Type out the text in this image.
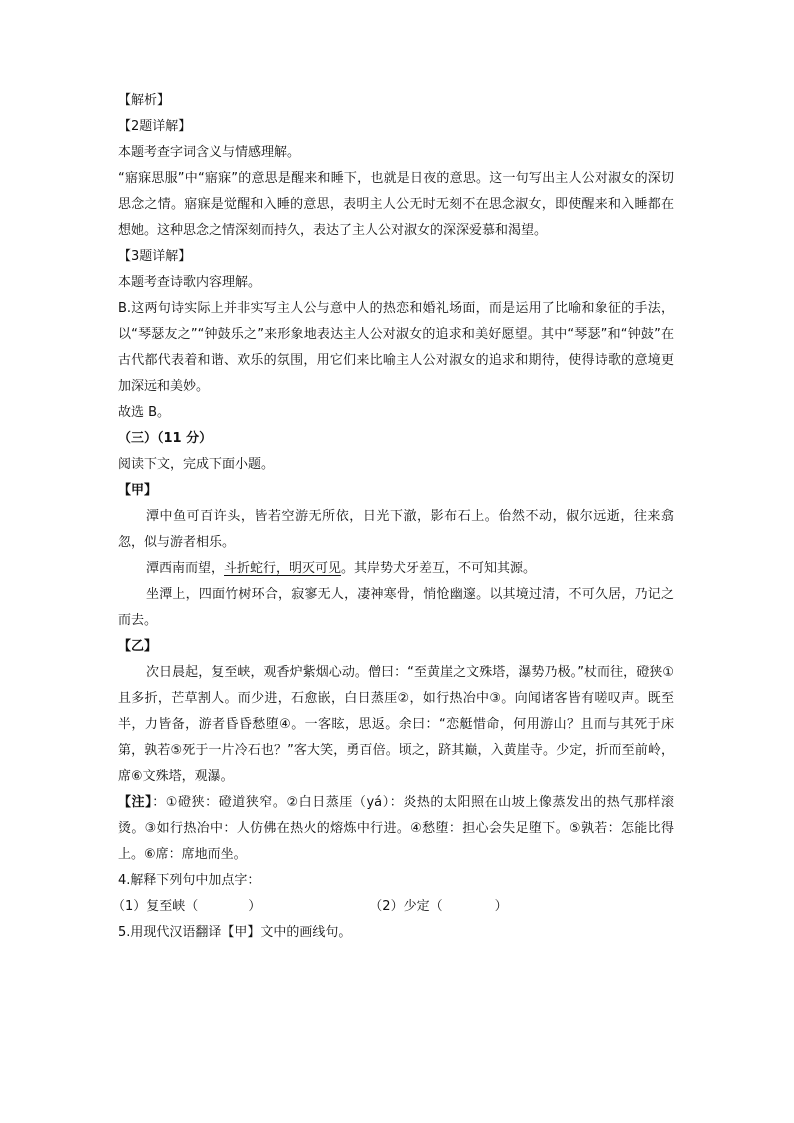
【解析】

【2题详解】

本题考查字词含义与情感理解。

“寤寐思服”中“寤寐”的意思是醒来和睡下，也就是日夜的意思。这一句写出主人公对淑女的深切思念之情。寤寐是觉醒和入睡的意思，表明主人公无时无刻不在思念淑女，即使醒来和入睡都在想她。这种思念之情深刻而持久，表达了主人公对淑女的深深爱慕和渴望。

【3题详解】

本题考查诗歌内容理解。

B.这两句诗实际上并非实写主人公与意中人的热恋和婚礼场面，而是运用了比喻和象征的手法，以“琴瑟友之”“钟鼓乐之”来形象地表达主人公对淑女的追求和美好愿望。其中“琴瑟”和“钟鼓”在古代都代表着和谐、欢乐的氛围，用它们来比喻主人公对淑女的追求和期待，使得诗歌的意境更加深远和美妙。

故选 B。

（三）（11 分）

阅读下文，完成下面小题。

【甲】

潭中鱼可百许头，皆若空游无所依，日光下澈，影布石上。佁然不动，俶尔远逝，往来翕忽，似与游者相乐。

潭西南而望，斗折蛇行，明灭可见。其岸势犬牙差互，不可知其源。

坐潭上，四面竹树环合，寂寥无人，凄神寒骨，悄怆幽邃。以其境过清，不可久居，乃记之而去。

【乙】

次日晨起，复至峡，观香炉紫烟心动。僧曰：“至黄崖之文殊塔，瀑势乃极。”杖而往，磴狭①且多折，芒草割人。而少进，石愈嵌，白日蒸厓②，如行热冶中③。向闻诸客皆有嗟叹声。既至半，力皆备，游者昏昏愁堕④。一客眩，思返。余曰：“恋艇惜命，何用游山？且而与其死于床第，孰若⑤死于一片冷石也？”客大笑，勇百倍。顷之，跻其巅，入黄崖寺。少定，折而至前岭，席⑥文殊塔，观瀑。

【注】：①磴狭：磴道狭窄。②白日蒸厓（yá）：炎热的太阳照在山坡上像蒸发出的热气那样滚烫。③如行热冶中：人仿佛在热火的熔炼中行进。④愁堕：担心会失足堕下。⑤孰若：怎能比得上。⑥席：席地而坐。

4.解释下列句中加点字：

（1）复至峡（	）	（2）少定（	）

5.用现代汉语翻译【甲】文中的画线句。
